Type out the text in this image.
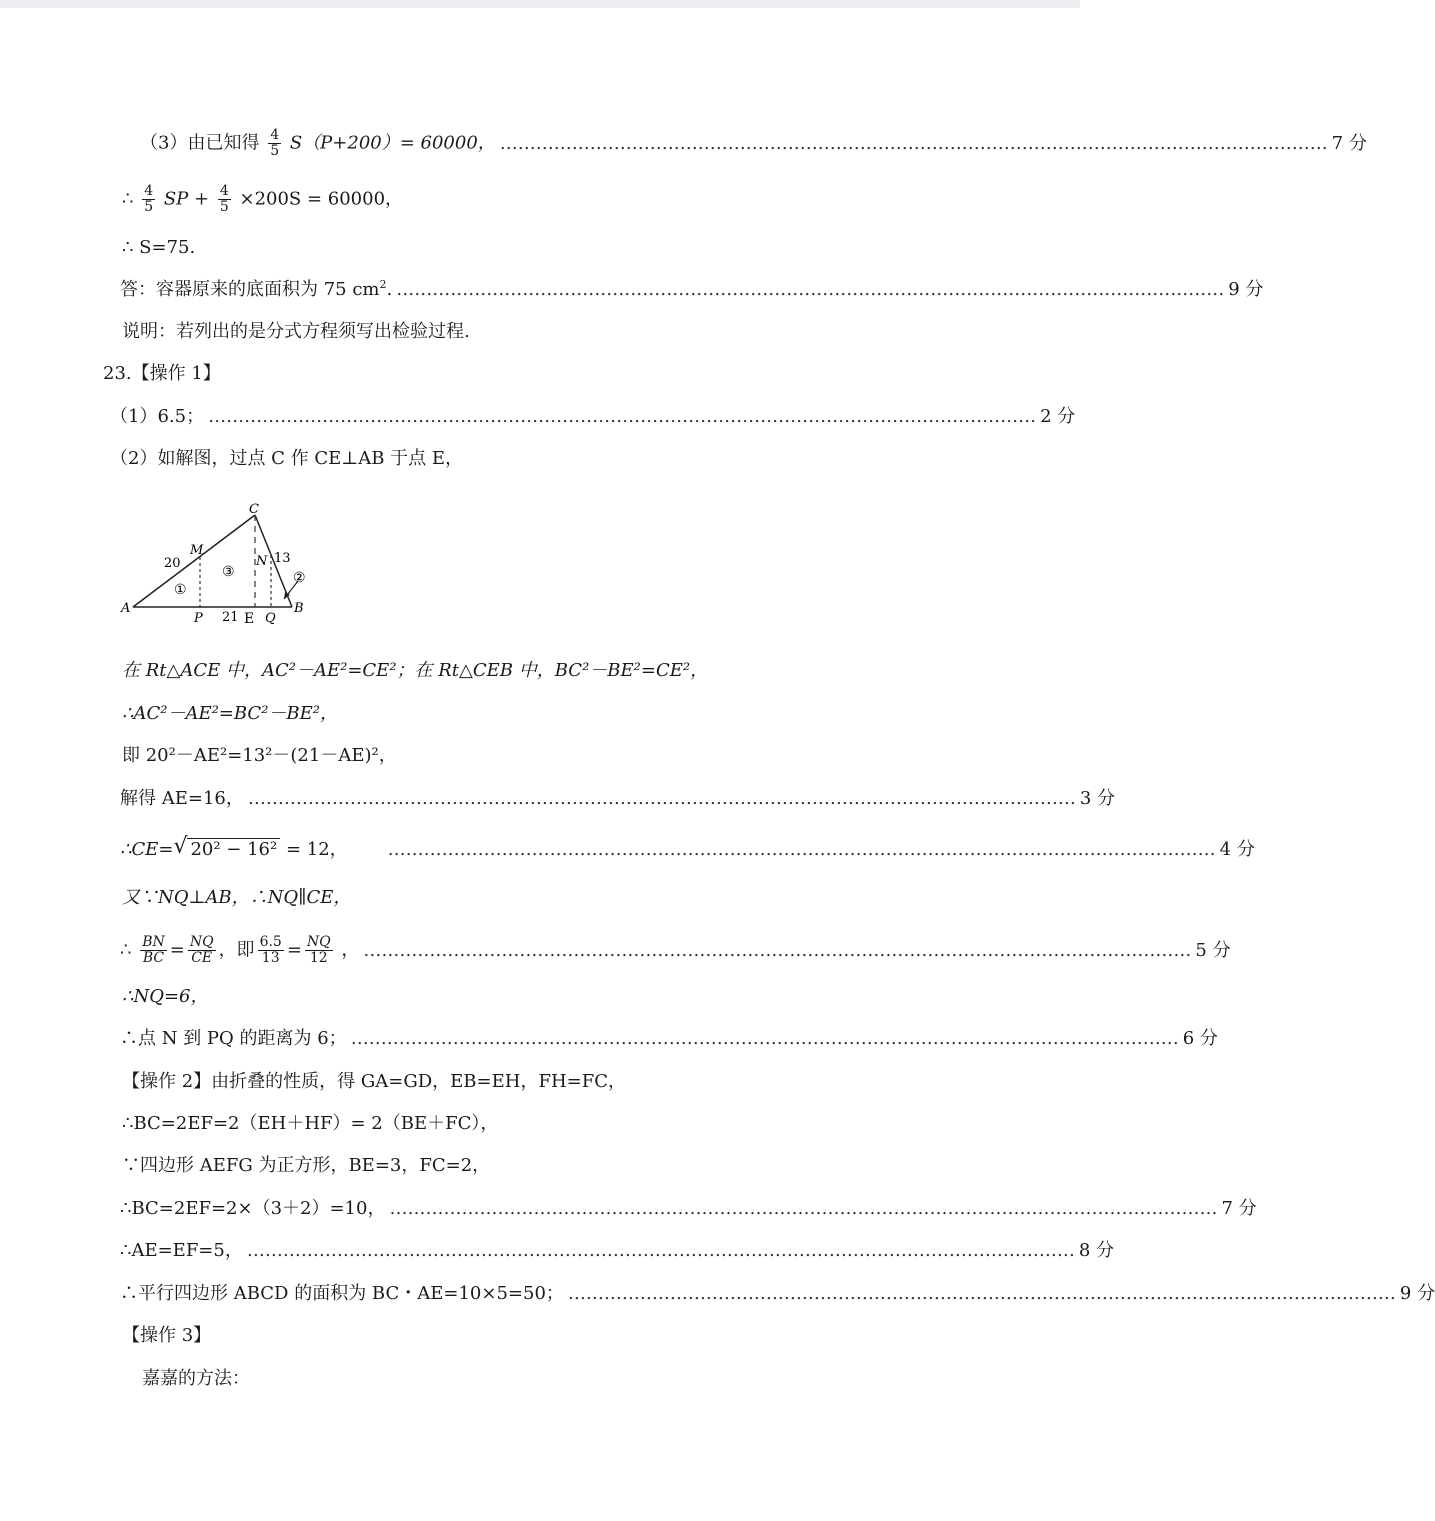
（3）由已知得 $\frac{4}{5} S(P+200)= 60000$， ………………………………………………………………………………………………………………………… 7 分
∴ $\frac{4}{5}$ SP + $\frac{4}{5} \times 200S = 60000$，
∴ S=75.
答：容器原来的底面积为 75 $cm^2$. ………………………………………………………………………………………………………………………… 9 分
说明：若列出的是分式方程须写出检验过程.
23.【操作 1】
（1）6.5； ………………………………………………………………………………………………………………………… 2 分
（2）如解图，过点 C 作 CE⊥AB 于点 E，
A	B
C
M
N
P	E Q
20	13
21
①
②
③
在 Rt△ACE 中，AC²－AE²=CE²；在 Rt△CEB 中，BC²－BE²=CE²，
∴AC²－AE²=BC²－BE²，
即 20²－AE²=13²－(21－AE)²，
解得 AE=16， ………………………………………………………………………………………………………………………… 3 分
∴CE= √ 20² − 16² = 12， ………………………………………………………………………………………………………………………… 4 分
又∵NQ⊥AB，∴NQ∥CE，
∴ $\frac{BN}{BC} = \frac{NQ}{CE}$ ，即 $\frac{6.5}{13} = \frac{NQ}{12}$ ， ………………………………………………………………………………………………………………………… 5 分
∴NQ=6，
∴点 N 到 PQ 的距离为 6； ………………………………………………………………………………………………………………………… 6 分
【操作 2】由折叠的性质，得 GA=GD，EB=EH，FH=FC，
∴BC=2EF=2（EH＋HF）= 2（BE＋FC），
∵四边形 AEFG 为正方形，BE=3，FC=2，
∴BC=2EF=2×（3＋2）=10， ………………………………………………………………………………………………………………………… 7 分
∴AE=EF=5， ………………………………………………………………………………………………………………………… 8 分
∴平行四边形 ABCD 的面积为 BC・AE=10×5=50； ………………………………………………………………………………………………………………………… 9 分
【操作 3】
嘉嘉的方法：
